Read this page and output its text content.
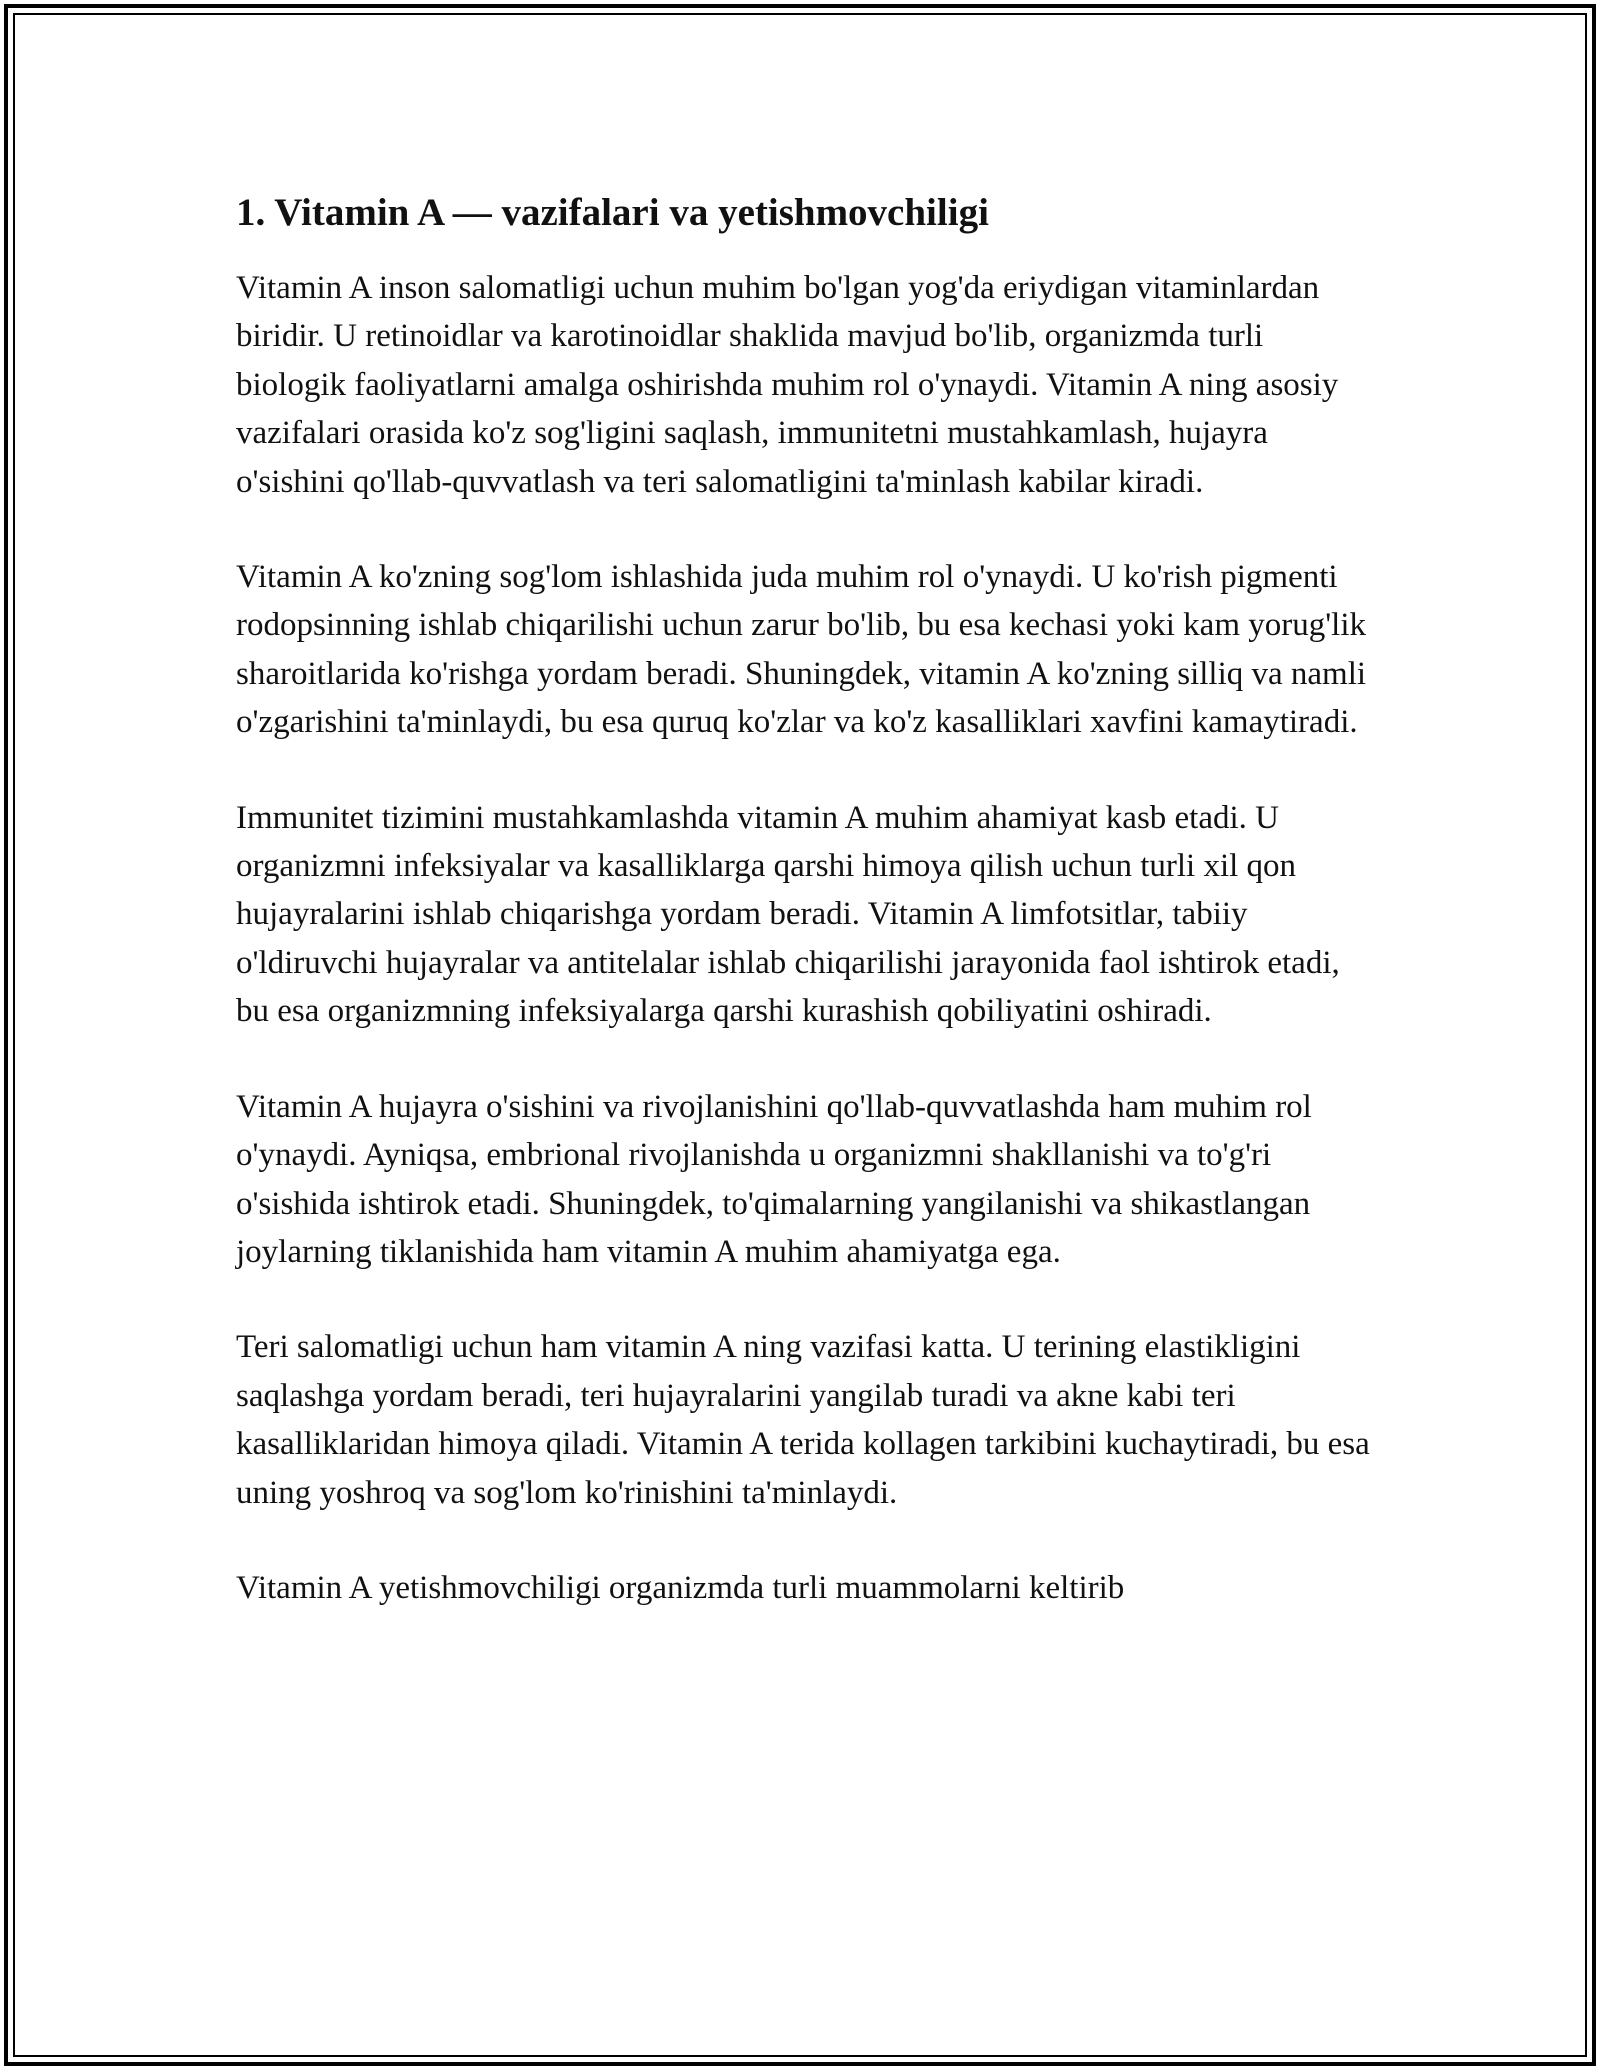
1. Vitamin A — vazifalari va yetishmovchiligi

Vitamin A inson salomatligi uchun muhim bo'lgan yog'da eriydigan vitaminlardan biridir. U retinoidlar va karotinoidlar shaklida mavjud bo'lib, organizmda turli biologik faoliyatlarni amalga oshirishda muhim rol o'ynaydi. Vitamin A ning asosiy vazifalari orasida ko'z sog'ligini saqlash, immunitetni mustahkamlash, hujayra o'sishini qo'llab-quvvatlash va teri salomatligini ta'minlash kabilar kiradi.

Vitamin A ko'zning sog'lom ishlashida juda muhim rol o'ynaydi. U ko'rish pigmenti rodopsinning ishlab chiqarilishi uchun zarur bo'lib, bu esa kechasi yoki kam yorug'lik sharoitlarida ko'rishga yordam beradi. Shuningdek, vitamin A ko'zning silliq va namli o'zgarishini ta'minlaydi, bu esa quruq ko'zlar va ko'z kasalliklari xavfini kamaytiradi.

Immunitet tizimini mustahkamlashda vitamin A muhim ahamiyat kasb etadi. U organizmni infeksiyalar va kasalliklarga qarshi himoya qilish uchun turli xil qon hujayralarini ishlab chiqarishga yordam beradi. Vitamin A limfotsitlar, tabiiy o'ldiruvchi hujayralar va antitelalar ishlab chiqarilishi jarayonida faol ishtirok etadi, bu esa organizmning infeksiyalarga qarshi kurashish qobiliyatini oshiradi.

Vitamin A hujayra o'sishini va rivojlanishini qo'llab-quvvatlashda ham muhim rol o'ynaydi. Ayniqsa, embrional rivojlanishda u organizmni shakllanishi va to'g'ri o'sishida ishtirok etadi. Shuningdek, to'qimalarning yangilanishi va shikastlangan joylarning tiklanishida ham vitamin A muhim ahamiyatga ega.

Teri salomatligi uchun ham vitamin A ning vazifasi katta. U terining elastikligini saqlashga yordam beradi, teri hujayralarini yangilab turadi va akne kabi teri kasalliklaridan himoya qiladi. Vitamin A terida kollagen tarkibini kuchaytiradi, bu esa uning yoshroq va sog'lom ko'rinishini ta'minlaydi.

Vitamin A yetishmovchiligi organizmda turli muammolarni keltirib
